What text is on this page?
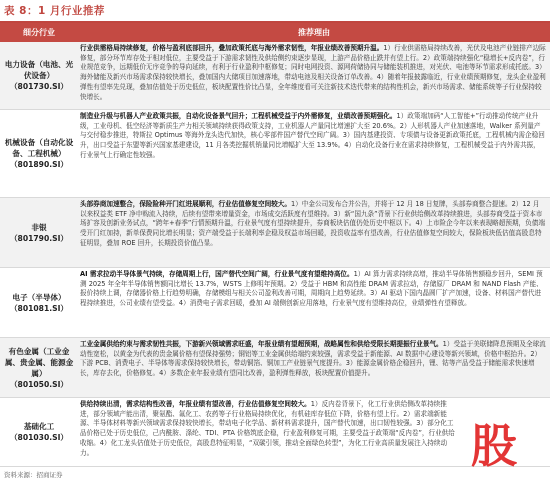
表 8：1 月行业推荐
细分行业	推荐理由
电力设备（电池、光伏设备）
（801730.SI）
行业供需格局持续修复，价格与盈利底部回升，叠加政策托底与海外需求韧性，年报业绩改善预期升温。1）行业供需格局持续改善，光伏及电池产业链排产边际修复，部分环节库存处于相对低位，主要受益于下游需求韧性及供给侧约束逐步显现，上游产品价格止跌并有望上行。2）政策端持续强化“稳增长+反内卷”，行业规范竞争，远期低价无序竞争的导向延续，有利于行业盈利中枢修复；同时电网投资、源网荷储协同与储能装机推进，对光伏、电池等环节需求形成托底。3）海外储能及新兴市场需求保持较快增长，叠加国内大储项目加速落地，带动电池及相关设备订单改善。4）随着年报披露临近，行业业绩预期修复，龙头企业盈利弹性有望率先兑现，叠加估值处于历史低位，板块配置性价比凸显，全年维度看可关注新技术迭代带来的结构性机会，新兴市场需求、储能系统等子行业保持较快增长。
机械设备（自动化设备、工程机械）
（801890.SI）
制造业升级与机器人产业政策共振，自动化设备景气回升；工程机械受益于内外需修复，业绩改善预期强化。1）政策端加码“人工智能+”行动推动传统产业升级，工业母机、低空经济等新质生产力相关领域持续获得政策支持，工业机器人产量同比增速扩大至 20.6%。2）人形机器人产业加速落地，Walker 系列量产与交付稳步推进，特斯拉 Optimus 等海外龙头迭代加快，核心零部件国产替代空间广阔。3）国内基建投资、专项债与设备更新政策托底，工程机械内需企稳回升，出口受益于东盟等新兴国家基建建设，11 月各类挖掘机销量同比增幅扩大至 13.9%。4）自动化设备行业在需求持续修复，工程机械受益于内外需共振，行业景气上行确定性较强。
非银
（801790.SI）
头部券商加速整合，保险险种开门红进展顺利，行业估值修复空间较大。1）中金公司发布合并公告，并将于 12 月 18 日复牌，头部券商整合提速。2）12 月以来权益类 ETF 净申购流入持续，后续有望带来增量资金，市场成交活跃度有望维持。3）新“国九条”背景下行业供给侧改革持续推进，头部券商受益于资本市场扩容及创新业务试点，“跨年+春季”行情预期升温，行业景气度有望持续提升，券商板块估值仍处历史中枢以下。4）上市险企今年以来表现略超预期，负债端受开门红加持，新单保费同比增长明显；资产端受益于长端利率企稳及权益市场回暖，投资收益率有望改善，行业估值修复空间较大，保险板块低估值高股息特征明显，叠加 ROE 回升，长期投资价值凸显。
电子（半导体）
（801081.SI）
AI 需求拉动半导体景气持续，存储周期上行，国产替代空间广阔，行业景气度有望维持高位。1）AI 算力需求持续高增，推动半导体销售额稳步回升，SEMI 预测 2025 年全年半导体销售额同比增长 13.7%，WSTS 上修明年预期。2）受益于 HBM 和高性能 DRAM 需求拉动，存储原厂 DRAM 和 NAND Flash 产能、报价持续上调，存储器价格上行趋势明确，存储模组与相关公司盈利改善可期，周期向上趋势延续。3）AI 驱动下国内晶圆厂扩产加速，设备、材料国产替代进程持续推进，公司业绩有望受益。4）消费电子需求回暖，叠加 AI 端侧创新应用落地，行业景气度有望维持高位，业绩弹性有望释放。
有色金属（工业金属、贵金属、能源金属）
（801050.SI）
工业金属供给约束与需求韧性共振，下游新兴领域需求旺盛，年报业绩有望超预期，战略属性和供给受限长期提振行业景气。1）受益于美联储降息预期及全球流动性宽松，以黄金为代表的贵金属价格有望保持强势；铜铝等工业金属供给端约束较强，需求受益于新能源、AI 数据中心建设等新兴领域，价格中枢抬升。2）下游 PCB、消费电子、半导体等需求保持较快增长，带动铜箔、铜加工产业链景气度提升。3）能源金属价格企稳回升，锂、钴等产品受益于储能需求快速增长，库存去化，价格修复。4）多数企业年报业绩有望同比改善，盈利弹性释放，板块配置价值提升。
基础化工
（801030.SI）
供给持续出清，需求结构性改善，年报业绩有望改善，行业估值修复空间较大。1）反内卷背景下，化工行业供给侧改革持续推进，部分领域产能出清，聚氨酯、氟化工、农药等子行业格局持续优化，有机硅库存低位下降，价格有望上行。2）需求端新能源、半导体材料等新兴领域需求保持较快增长，带动电子化学品、新材料需求提升，国产替代加速，出口韧性较强。3）部分化工品价格已处于历史低位，己内酰胺、涤纶、TDI、PTA 价格筑底企稳，行业盈利修复可期，主要受益于政策端“反内卷”，行业供给收缩。4）化工龙头估值处于历史低位，高股息特征明显，“双碳引领，推动全面绿色转型”，为化工行业高质量发展注入持续动力。	股
资料来源：招商证券
